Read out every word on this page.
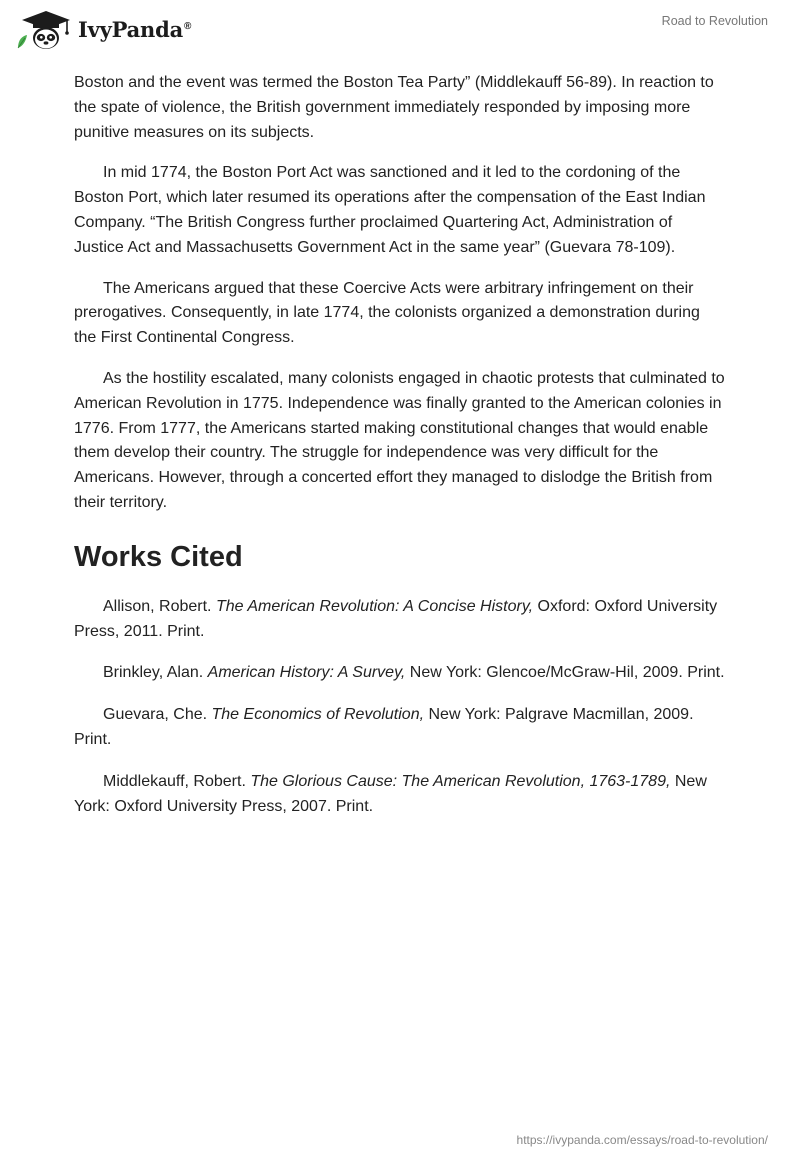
IvyPanda®	Road to Revolution

Boston and the event was termed the Boston Tea Party” (Middlekauff 56-89). In reaction to the spate of violence, the British government immediately responded by imposing more punitive measures on its subjects.

In mid 1774, the Boston Port Act was sanctioned and it led to the cordoning of the Boston Port, which later resumed its operations after the compensation of the East Indian Company. “The British Congress further proclaimed Quartering Act, Administration of Justice Act and Massachusetts Government Act in the same year” (Guevara 78-109).

The Americans argued that these Coercive Acts were arbitrary infringement on their prerogatives. Consequently, in late 1774, the colonists organized a demonstration during the First Continental Congress.

As the hostility escalated, many colonists engaged in chaotic protests that culminated to American Revolution in 1775. Independence was finally granted to the American colonies in 1776. From 1777, the Americans started making constitutional changes that would enable them develop their country. The struggle for independence was very difficult for the Americans. However, through a concerted effort they managed to dislodge the British from their territory.

Works Cited

Allison, Robert. The American Revolution: A Concise History, Oxford: Oxford University Press, 2011. Print.

Brinkley, Alan. American History: A Survey, New York: Glencoe/McGraw-Hil, 2009. Print.

Guevara, Che. The Economics of Revolution, New York: Palgrave Macmillan, 2009. Print.

Middlekauff, Robert. The Glorious Cause: The American Revolution, 1763-1789, New York: Oxford University Press, 2007. Print.

https://ivypanda.com/essays/road-to-revolution/
